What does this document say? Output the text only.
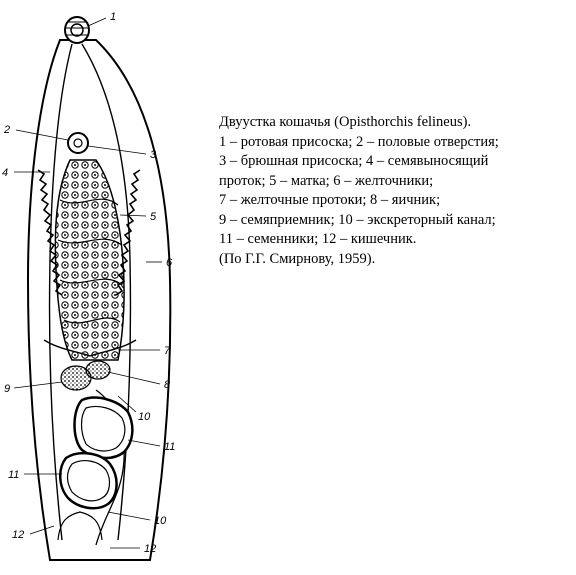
1
2
3
4
5
6
7
8
9
10
11
11
10
12
12
Двуустка кошачья (Opisthorchis felineus).
1 – ротовая присоска; 2 – половые отверстия;
3 – брюшная присоска; 4 – семявыносящий
проток; 5 – матка; 6 – желточники;
7 – желточные протоки; 8 – яичник;
9 – семяприемник; 10 – экскреторный канал;
11 – семенники; 12 – кишечник.
(По Г.Г. Смирнову, 1959).
